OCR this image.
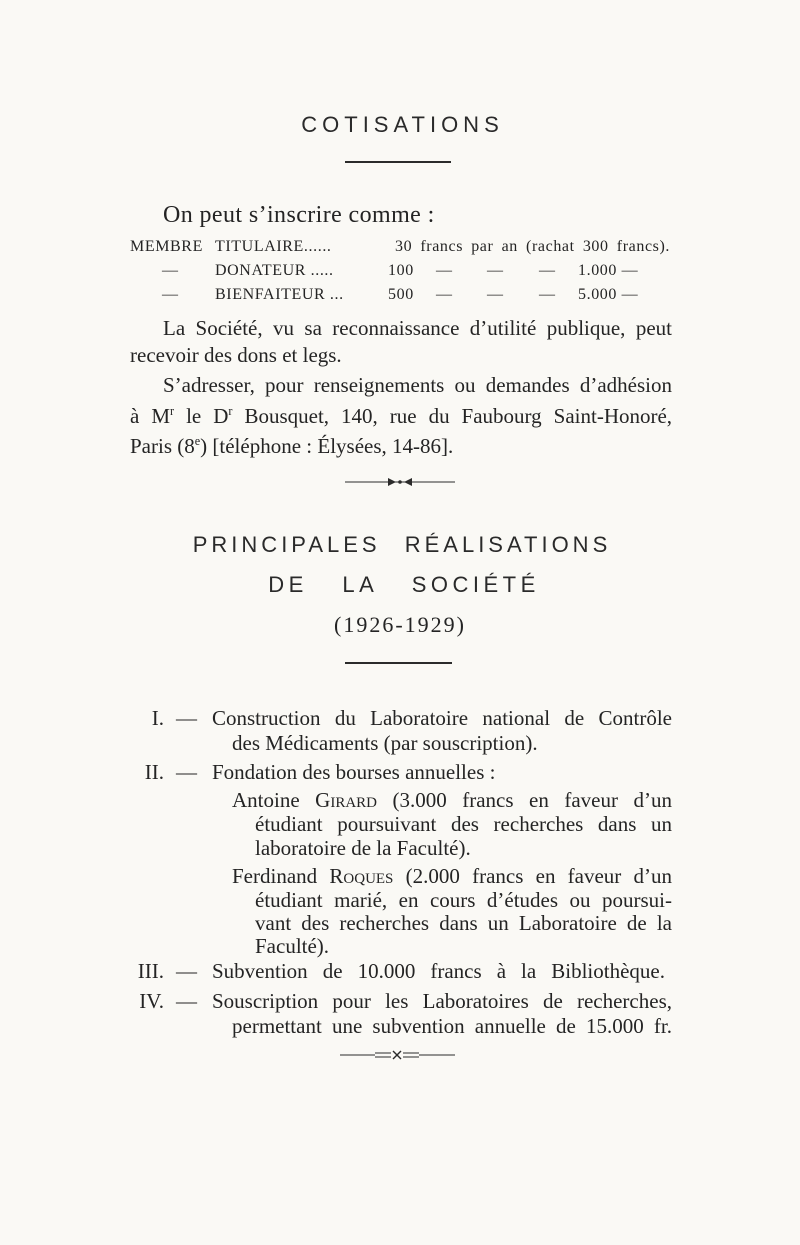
COTISATIONS
On peut s’inscrire comme :
MEMBRE TITULAIRE......	30 francs par an (rachat 300 francs).
— DONATEUR .....	100 — — — 1.000 —
— BIENFAITEUR ...	500 — — — 5.000 —
La Société, vu sa reconnaissance d’utilité publique, peut
recevoir des dons et legs.
S’adresser, pour renseignements ou demandes d’adhésion
à $M^r$ le $D^r$ Bousquet, 140, rue du Faubourg Saint-Honoré,
Paris (8e) [téléphone : Élysées, 14-86].
PRINCIPALES RÉALISATIONS
DE LA SOCIÉTÉ
(1926-1929)
I. — Construction du Laboratoire national de Contrôle
des Médicaments (par souscription).
II. — Fondation des bourses annuelles :
Antoine Girard (3.000 francs en faveur d’un
étudiant poursuivant des recherches dans un
laboratoire de la Faculté).
Ferdinand Roques (2.000 francs en faveur d’un
étudiant marié, en cours d’études ou poursui-
vant des recherches dans un Laboratoire de la
Faculté).
III. — Subvention de 10.000 francs à la Bibliothèque.
IV. — Souscription pour les Laboratoires de recherches,
permettant une subvention annuelle de 15.000 fr.
